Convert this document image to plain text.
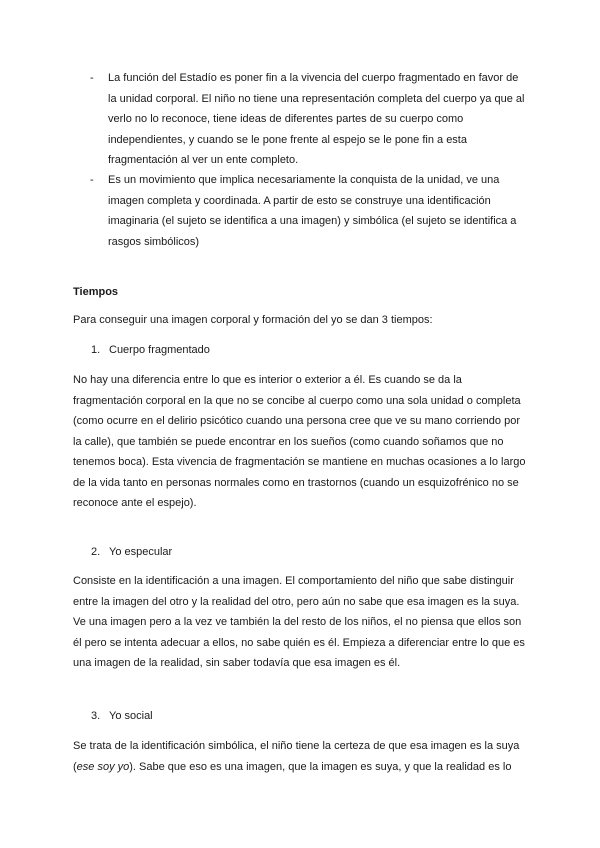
- La función del Estadío es poner fin a la vivencia del cuerpo fragmentado en favor de la unidad corporal. El niño no tiene una representación completa del cuerpo ya que al verlo no lo reconoce, tiene ideas de diferentes partes de su cuerpo como independientes, y cuando se le pone frente al espejo se le pone fin a esta fragmentación al ver un ente completo.

- Es un movimiento que implica necesariamente la conquista de la unidad, ve una imagen completa y coordinada. A partir de esto se construye una identificación imaginaria (el sujeto se identifica a una imagen) y simbólica (el sujeto se identifica a rasgos simbólicos)

Tiempos

Para conseguir una imagen corporal y formación del yo se dan 3 tiempos:

1. Cuerpo fragmentado

No hay una diferencia entre lo que es interior o exterior a él. Es cuando se da la fragmentación corporal en la que no se concibe al cuerpo como una sola unidad o completa (como ocurre en el delirio psicótico cuando una persona cree que ve su mano corriendo por la calle), que también se puede encontrar en los sueños (como cuando soñamos que no tenemos boca). Esta vivencia de fragmentación se mantiene en muchas ocasiones a lo largo de la vida tanto en personas normales como en trastornos (cuando un esquizofrénico no se reconoce ante el espejo).

2. Yo especular

Consiste en la identificación a una imagen. El comportamiento del niño que sabe distinguir entre la imagen del otro y la realidad del otro, pero aún no sabe que esa imagen es la suya. Ve una imagen pero a la vez ve también la del resto de los niños, el no piensa que ellos son él pero se intenta adecuar a ellos, no sabe quién es él. Empieza a diferenciar entre lo que es una imagen de la realidad, sin saber todavía que esa imagen es él.

3. Yo social

Se trata de la identificación simbólica, el niño tiene la certeza de que esa imagen es la suya (ese soy yo). Sabe que eso es una imagen, que la imagen es suya, y que la realidad es lo
